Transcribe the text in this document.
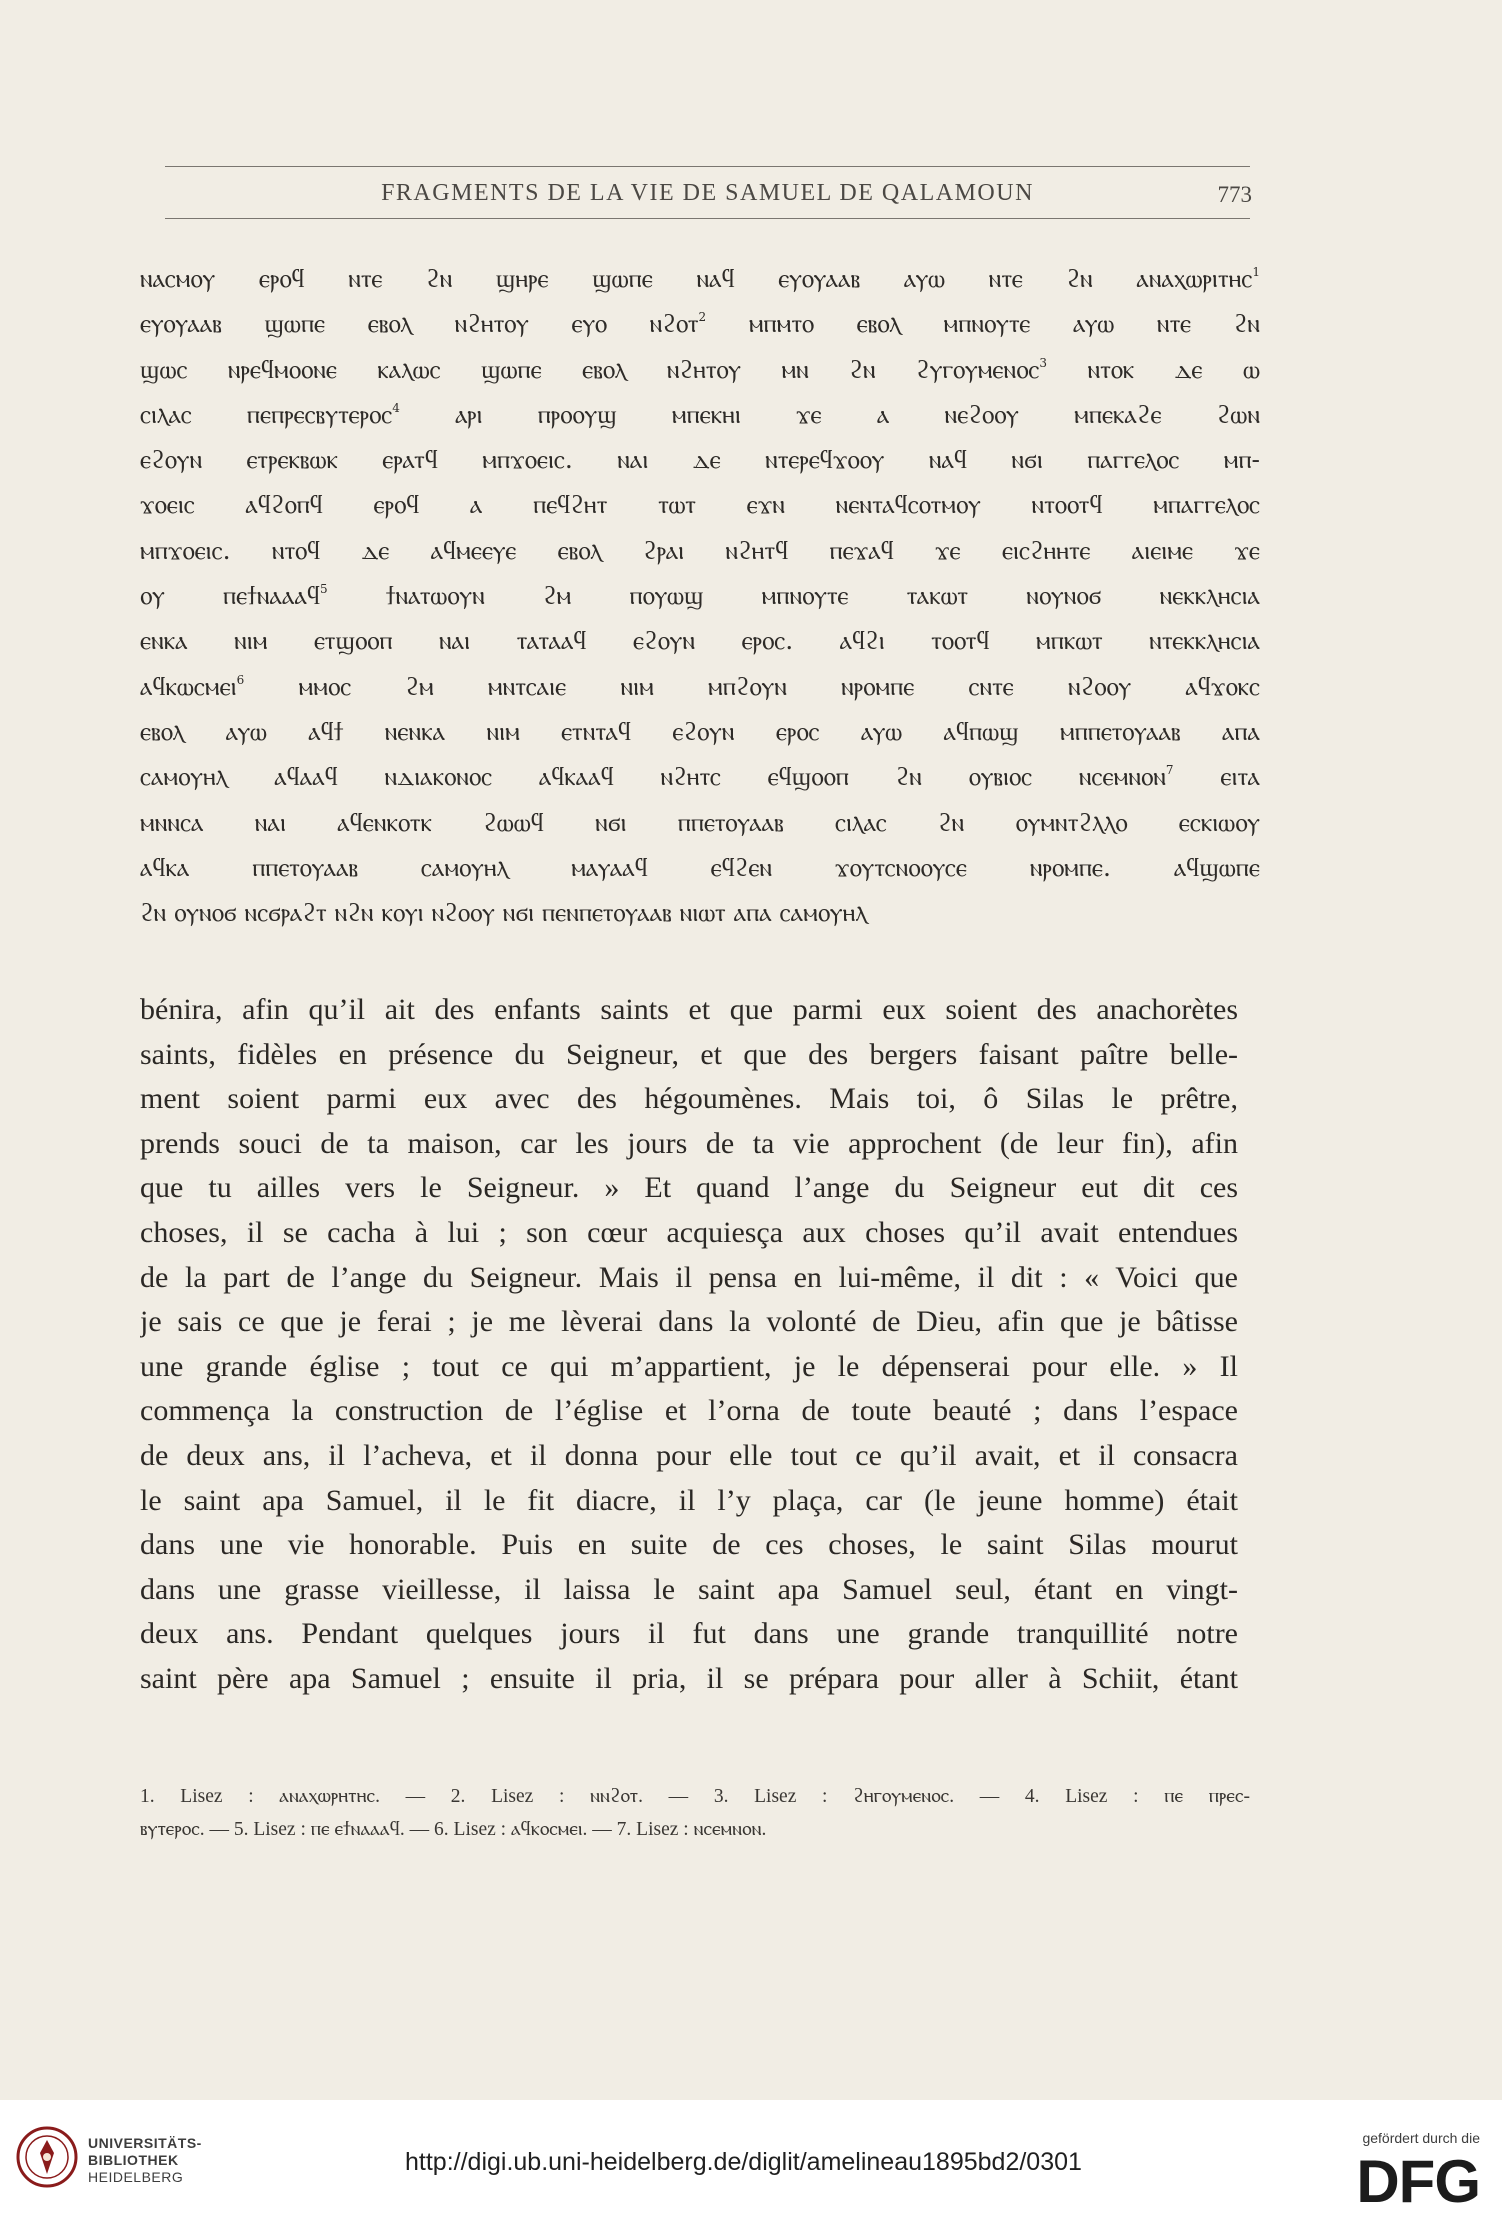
FRAGMENTS DE LA VIE DE SAMUEL DE QALAMOUN	773
ⲛⲁⲥⲙⲟⲩ ⲉⲣⲟϥ ⲛⲧⲉ ϩⲛ ϣⲏⲣⲉ ϣⲱⲡⲉ ⲛⲁϥ ⲉⲩⲟⲩⲁⲁⲃ ⲁⲩⲱ ⲛⲧⲉ ϩⲛ ⲁⲛⲁⲭⲱⲣⲓⲧⲏⲥ$^1$
ⲉⲩⲟⲩⲁⲁⲃ ϣⲱⲡⲉ ⲉⲃⲟⲗ ⲛϩⲏⲧⲟⲩ ⲉⲩⲟ ⲛϩⲟⲧ$^2$ ⲙⲡⲙⲧⲟ ⲉⲃⲟⲗ ⲙⲡⲛⲟⲩⲧⲉ ⲁⲩⲱ ⲛⲧⲉ ϩⲛ
ϣⲱⲥ ⲛⲣⲉϥⲙⲟⲟⲛⲉ ⲕⲁⲗⲱⲥ ϣⲱⲡⲉ ⲉⲃⲟⲗ ⲛϩⲏⲧⲟⲩ ⲙⲛ ϩⲛ ϩⲩⲅⲟⲩⲙⲉⲛⲟⲥ$^3$ ⲛⲧⲟⲕ ⲇⲉ ⲱ
ⲥⲓⲗⲁⲥ ⲡⲉⲡⲣⲉⲥⲃⲩⲧⲉⲣⲟⲥ$^4$ ⲁⲣⲓ ⲡⲣⲟⲟⲩϣ ⲙⲡⲉⲕⲏⲓ ϫⲉ ⲁ ⲛⲉϩⲟⲟⲩ ⲙⲡⲉⲕⲁϩⲉ ϩⲱⲛ
ⲉϩⲟⲩⲛ ⲉⲧⲣⲉⲕⲃⲱⲕ ⲉⲣⲁⲧϥ ⲙⲡϫⲟⲉⲓⲥ. ⲛⲁⲓ ⲇⲉ ⲛⲧⲉⲣⲉϥϫⲟⲟⲩ ⲛⲁϥ ⲛϭⲓ ⲡⲁⲅⲅⲉⲗⲟⲥ ⲙⲡ-
ϫⲟⲉⲓⲥ ⲁϥϩⲟⲡϥ ⲉⲣⲟϥ ⲁ ⲡⲉϥϩⲏⲧ ⲧⲱⲧ ⲉϫⲛ ⲛⲉⲛⲧⲁϥⲥⲟⲧⲙⲟⲩ ⲛⲧⲟⲟⲧϥ ⲙⲡⲁⲅⲅⲉⲗⲟⲥ
ⲙⲡϫⲟⲉⲓⲥ. ⲛⲧⲟϥ ⲇⲉ ⲁϥⲙⲉⲉⲩⲉ ⲉⲃⲟⲗ ϩⲣⲁⲓ ⲛϩⲏⲧϥ ⲡⲉϫⲁϥ ϫⲉ ⲉⲓⲥϩⲏⲏⲧⲉ ⲁⲓⲉⲓⲙⲉ ϫⲉ
ⲟⲩ ⲡⲉϯⲛⲁⲁⲁϥ$^5$ ϯⲛⲁⲧⲱⲟⲩⲛ ϩⲙ ⲡⲟⲩⲱϣ ⲙⲡⲛⲟⲩⲧⲉ ⲧⲁⲕⲱⲧ ⲛⲟⲩⲛⲟϭ ⲛⲉⲕⲕⲗⲏⲥⲓⲁ
ⲉⲛⲕⲁ ⲛⲓⲙ ⲉⲧϣⲟⲟⲡ ⲛⲁⲓ ⲧⲁⲧⲁⲁϥ ⲉϩⲟⲩⲛ ⲉⲣⲟⲥ. ⲁϥϩⲓ ⲧⲟⲟⲧϥ ⲙⲡⲕⲱⲧ ⲛⲧⲉⲕⲕⲗⲏⲥⲓⲁ
ⲁϥⲕⲱⲥⲙⲉⲓ$^6$ ⲙⲙⲟⲥ ϩⲙ ⲙⲛⲧⲥⲁⲓⲉ ⲛⲓⲙ ⲙⲡϩⲟⲩⲛ ⲛⲣⲟⲙⲡⲉ ⲥⲛⲧⲉ ⲛϩⲟⲟⲩ ⲁϥϫⲟⲕⲥ
ⲉⲃⲟⲗ ⲁⲩⲱ ⲁϥϯ ⲛⲉⲛⲕⲁ ⲛⲓⲙ ⲉⲧⲛⲧⲁϥ ⲉϩⲟⲩⲛ ⲉⲣⲟⲥ ⲁⲩⲱ ⲁϥⲡⲱϣ ⲙⲡⲡⲉⲧⲟⲩⲁⲁⲃ ⲁⲡⲁ
ⲥⲁⲙⲟⲩⲏⲗ ⲁϥⲁⲁϥ ⲛⲇⲓⲁⲕⲟⲛⲟⲥ ⲁϥⲕⲁⲁϥ ⲛϩⲏⲧⲥ ⲉϥϣⲟⲟⲡ ϩⲛ ⲟⲩⲃⲓⲟⲥ ⲛⲥⲉⲙⲛⲟⲛ$^7$ ⲉⲓⲧⲁ
ⲙⲛⲛⲥⲁ ⲛⲁⲓ ⲁϥⲉⲛⲕⲟⲧⲕ ϩⲱⲱϥ ⲛϭⲓ ⲡⲡⲉⲧⲟⲩⲁⲁⲃ ⲥⲓⲗⲁⲥ ϩⲛ ⲟⲩⲙⲛⲧϩⲗⲗⲟ ⲉⲥⲕⲓⲱⲟⲩ
ⲁϥⲕⲁ ⲡⲡⲉⲧⲟⲩⲁⲁⲃ ⲥⲁⲙⲟⲩⲏⲗ ⲙⲁⲩⲁⲁϥ ⲉϥϩⲉⲛ ϫⲟⲩⲧⲥⲛⲟⲟⲩⲥⲉ ⲛⲣⲟⲙⲡⲉ. ⲁϥϣⲱⲡⲉ
ϩⲛ ⲟⲩⲛⲟϭ ⲛⲥϭⲣⲁϩⲧ ⲛϩⲛ ⲕⲟⲩⲓ ⲛϩⲟⲟⲩ ⲛϭⲓ ⲡⲉⲛⲡⲉⲧⲟⲩⲁⲁⲃ ⲛⲓⲱⲧ ⲁⲡⲁ ⲥⲁⲙⲟⲩⲏⲗ
bénira, afin qu’il ait des enfants saints et que parmi eux soient des anachorètes
saints, fidèles en présence du Seigneur, et que des bergers faisant paître belle-
ment soient parmi eux avec des hégoumènes. Mais toi, ô Silas le prêtre,
prends souci de ta maison, car les jours de ta vie approchent (de leur fin), afin
que tu ailles vers le Seigneur. » Et quand l’ange du Seigneur eut dit ces
choses, il se cacha à lui ; son cœur acquiesça aux choses qu’il avait entendues
de la part de l’ange du Seigneur. Mais il pensa en lui-même, il dit : « Voici que
je sais ce que je ferai ; je me lèverai dans la volonté de Dieu, afin que je bâtisse
une grande église ; tout ce qui m’appartient, je le dépenserai pour elle. » Il
commença la construction de l’église et l’orna de toute beauté ; dans l’espace
de deux ans, il l’acheva, et il donna pour elle tout ce qu’il avait, et il consacra
le saint apa Samuel, il le fit diacre, il l’y plaça, car (le jeune homme) était
dans une vie honorable. Puis en suite de ces choses, le saint Silas mourut
dans une grasse vieillesse, il laissa le saint apa Samuel seul, étant en vingt-
deux ans. Pendant quelques jours il fut dans une grande tranquillité notre
saint père apa Samuel ; ensuite il pria, il se prépara pour aller à Schiit, étant
1. Lisez : ⲁⲛⲁⲭⲱⲣⲏⲧⲏⲥ. — 2. Lisez : ⲛⲛϩⲟⲧ. — 3. Lisez : ϩⲏⲅⲟⲩⲙⲉⲛⲟⲥ. — 4. Lisez : ⲡⲉ ⲡⲣⲉⲥ-
ⲃⲩⲧⲉⲣⲟⲥ. — 5. Lisez : ⲡⲉ ⲉϯⲛⲁⲁⲁϥ. — 6. Lisez : ⲁϥⲕⲟⲥⲙⲉⲓ. — 7. Lisez : ⲛⲥⲉⲙⲛⲟⲛ.
UNIVERSITÄTS-
BIBLIOTHEK
HEIDELBERG
http://digi.ub.uni-heidelberg.de/diglit/amelineau1895bd2/0301
gefördert durch die
DFG
